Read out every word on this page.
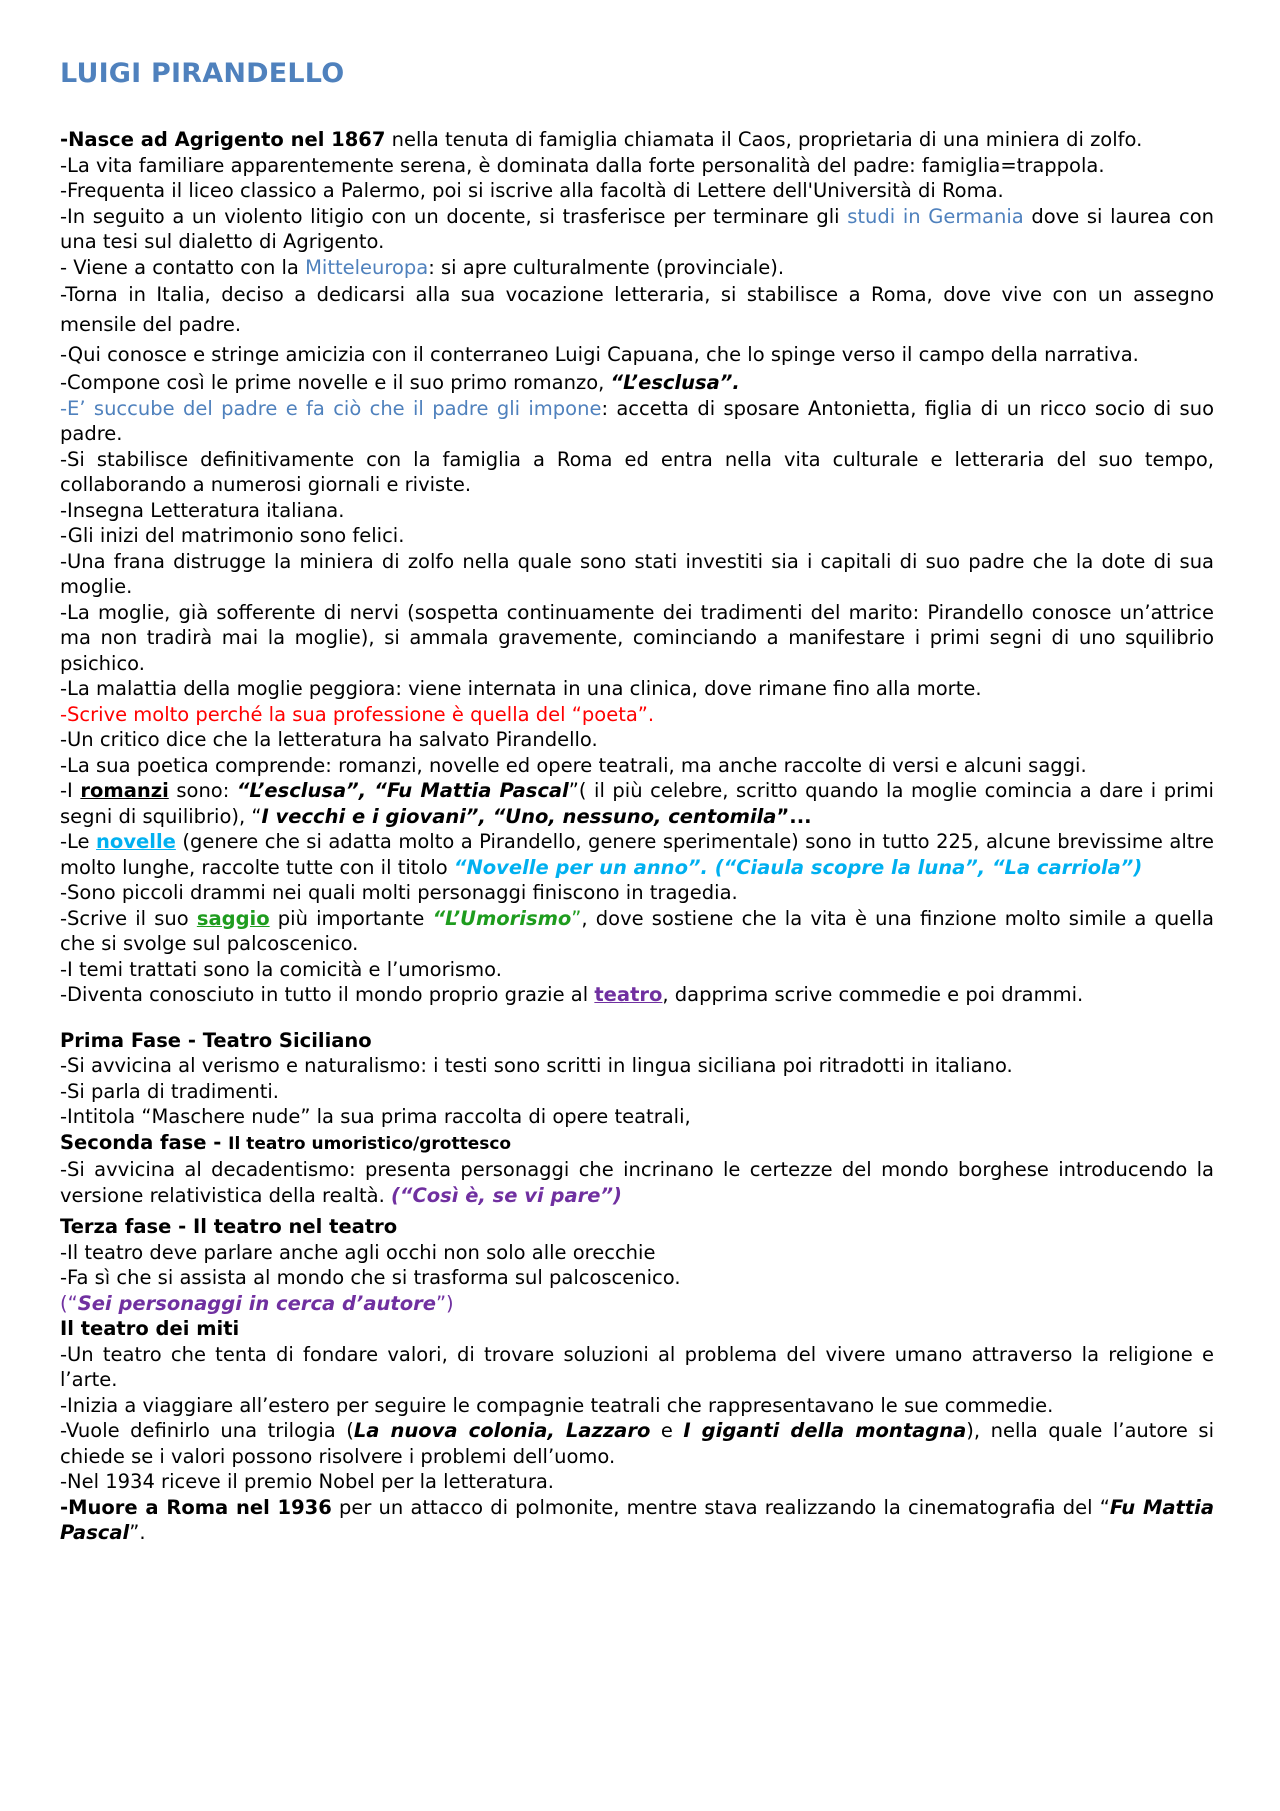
LUIGI PIRANDELLO

-Nasce ad Agrigento nel 1867 nella tenuta di famiglia chiamata il Caos, proprietaria di una miniera di zolfo.

-La vita familiare apparentemente serena, è dominata dalla forte personalità del padre: famiglia=trappola.

-Frequenta il liceo classico a Palermo, poi si iscrive alla facoltà di Lettere dell'Università di Roma.

-In seguito a un violento litigio con un docente, si trasferisce per terminare gli studi in Germania dove si laurea con una tesi sul dialetto di Agrigento.

- Viene a contatto con la Mitteleuropa: si apre culturalmente (provinciale).

-Torna in Italia, deciso a dedicarsi alla sua vocazione letteraria, si stabilisce a Roma, dove vive con un assegno mensile del padre.

-Qui conosce e stringe amicizia con il conterraneo Luigi Capuana, che lo spinge verso il campo della narrativa.

-Compone così le prime novelle e il suo primo romanzo, “L’esclusa”.

-E’ succube del padre e fa ciò che il padre gli impone: accetta di sposare Antonietta, figlia di un ricco socio di suo padre.

-Si stabilisce definitivamente con la famiglia a Roma ed entra nella vita culturale e letteraria del suo tempo, collaborando a numerosi giornali e riviste.

-Insegna Letteratura italiana.

-Gli inizi del matrimonio sono felici.

-Una frana distrugge la miniera di zolfo nella quale sono stati investiti sia i capitali di suo padre che la dote di sua moglie.

-La moglie, già sofferente di nervi (sospetta continuamente dei tradimenti del marito: Pirandello conosce un’attrice ma non tradirà mai la moglie), si ammala gravemente, cominciando a manifestare i primi segni di uno squilibrio psichico.

-La malattia della moglie peggiora: viene internata in una clinica, dove rimane fino alla morte.

-Scrive molto perché la sua professione è quella del “poeta”.

-Un critico dice che la letteratura ha salvato Pirandello.

-La sua poetica comprende: romanzi, novelle ed opere teatrali, ma anche raccolte di versi e alcuni saggi.

-I romanzi sono: “L’esclusa”, “Fu Mattia Pascal”( il più celebre, scritto quando la moglie comincia a dare i primi segni di squilibrio), “I vecchi e i giovani”, “Uno, nessuno, centomila”...

-Le novelle (genere che si adatta molto a Pirandello, genere sperimentale) sono in tutto 225, alcune brevissime altre molto lunghe, raccolte tutte con il titolo “Novelle per un anno”. (“Ciaula scopre la luna”, “La carriola”)

-Sono piccoli drammi nei quali molti personaggi finiscono in tragedia.

-Scrive il suo saggio più importante “L’Umorismo”, dove sostiene che la vita è una finzione molto simile a quella che si svolge sul palcoscenico.

-I temi trattati sono la comicità e l’umorismo.

-Diventa conosciuto in tutto il mondo proprio grazie al teatro, dapprima scrive commedie e poi drammi.

Prima Fase - Teatro Siciliano

-Si avvicina al verismo e naturalismo: i testi sono scritti in lingua siciliana poi ritradotti in italiano.

-Si parla di tradimenti.

-Intitola “Maschere nude” la sua prima raccolta di opere teatrali,

Seconda fase - Il teatro umoristico/grottesco

-Si avvicina al decadentismo: presenta personaggi che incrinano le certezze del mondo borghese introducendo la versione relativistica della realtà. (“Così è, se vi pare”)

Terza fase - Il teatro nel teatro

-Il teatro deve parlare anche agli occhi non solo alle orecchie

-Fa sì che si assista al mondo che si trasforma sul palcoscenico.

(“Sei personaggi in cerca d’autore”)

Il teatro dei miti

-Un teatro che tenta di fondare valori, di trovare soluzioni al problema del vivere umano attraverso la religione e l’arte.

-Inizia a viaggiare all’estero per seguire le compagnie teatrali che rappresentavano le sue commedie.

-Vuole definirlo una trilogia (La nuova colonia, Lazzaro e I giganti della montagna), nella quale l’autore si chiede se i valori possono risolvere i problemi dell’uomo.

-Nel 1934 riceve il premio Nobel per la letteratura.

-Muore a Roma nel 1936 per un attacco di polmonite, mentre stava realizzando la cinematografia del “Fu Mattia Pascal”.
